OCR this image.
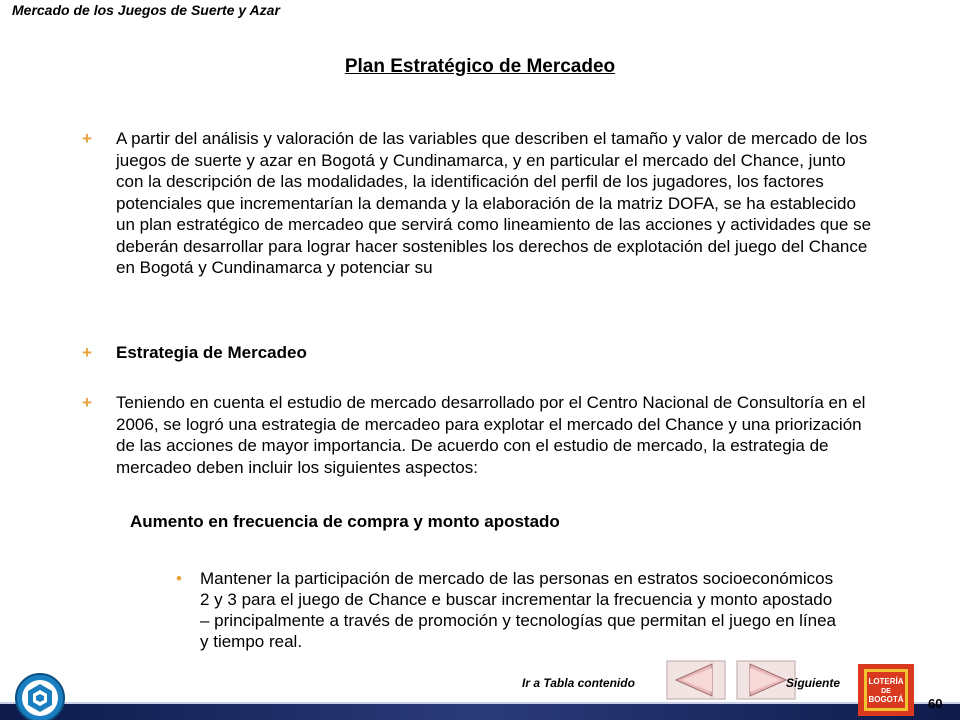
Mercado de los Juegos de Suerte y Azar
Plan Estratégico de Mercadeo
+ A partir del análisis y valoración de las variables que describen el tamaño y valor de mercado de los juegos de suerte y azar en Bogotá y Cundinamarca, y en particular el mercado del Chance, junto con la descripción de las modalidades, la identificación del perfil de los jugadores, los factores potenciales que incrementarían la demanda y la elaboración de la matriz DOFA, se ha establecido un plan estratégico de mercadeo que servirá como lineamiento de las acciones y actividades que se deberán desarrollar para lograr hacer sostenibles los derechos de explotación del juego del Chance en Bogotá y Cundinamarca y potenciar su
+ Estrategia de Mercadeo
+ Teniendo en cuenta el estudio de mercado desarrollado por el Centro Nacional de Consultoría en el 2006, se logró una estrategia de mercadeo para explotar el mercado del Chance y una priorización de las acciones de mayor importancia. De acuerdo con el estudio de mercado, la estrategia de mercadeo deben incluir los siguientes aspectos:
Aumento en frecuencia de compra y monto apostado
• Mantener la participación de mercado de las personas en estratos socioeconómicos 2 y 3 para el juego de Chance e buscar incrementar la frecuencia y monto apostado – principalmente a través de promoción y tecnologías que permitan el juego en línea y tiempo real.
Ir a Tabla contenido	Siguiente	LOTERÍA
DE
BOGOTÁ 60
